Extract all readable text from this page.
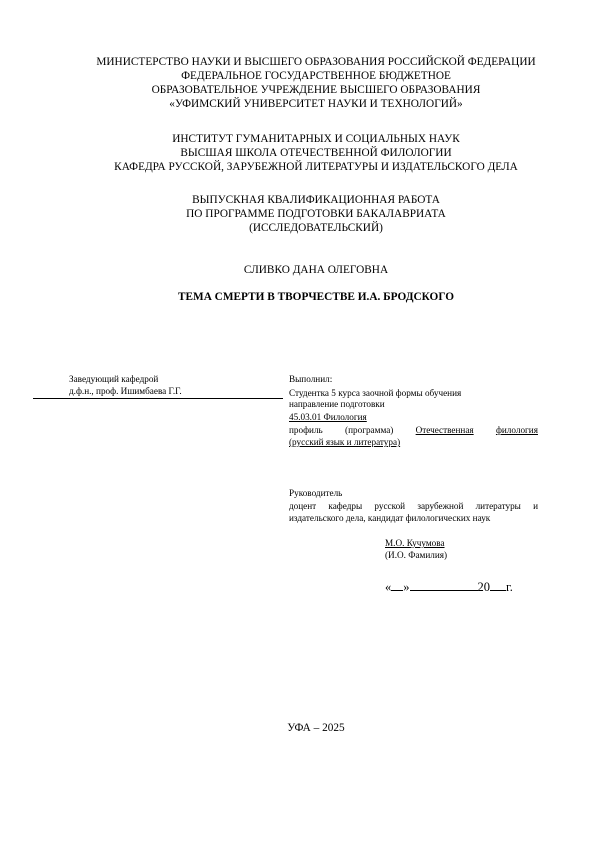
МИНИСТЕРСТВО НАУКИ И ВЫСШЕГО ОБРАЗОВАНИЯ РОССИЙСКОЙ ФЕДЕРАЦИИ
ФЕДЕРАЛЬНОЕ ГОСУДАРСТВЕННОЕ БЮДЖЕТНОЕ
ОБРАЗОВАТЕЛЬНОЕ УЧРЕЖДЕНИЕ ВЫСШЕГО ОБРАЗОВАНИЯ
«УФИМСКИЙ УНИВЕРСИТЕТ НАУКИ И ТЕХНОЛОГИЙ»
ИНСТИТУТ ГУМАНИТАРНЫХ И СОЦИАЛЬНЫХ НАУК
ВЫСШАЯ ШКОЛА ОТЕЧЕСТВЕННОЙ ФИЛОЛОГИИ
КАФЕДРА РУССКОЙ, ЗАРУБЕЖНОЙ ЛИТЕРАТУРЫ И ИЗДАТЕЛЬСКОГО ДЕЛА
ВЫПУСКНАЯ КВАЛИФИКАЦИОННАЯ РАБОТА
ПО ПРОГРАММЕ ПОДГОТОВКИ БАКАЛАВРИАТА
(ИССЛЕДОВАТЕЛЬСКИЙ)
СЛИВКО ДАНА ОЛЕГОВНА
ТЕМА СМЕРТИ В ТВОРЧЕСТВЕ И.А. БРОДСКОГО
Заведующий кафедрой
д.ф.н., проф. Ишимбаева Г.Г.
Выполнил:
Студентка 5 курса заочной формы обучения
направление подготовки
45.03.01 Филология
профиль (программа) Отечественная филология
(русский язык и литература)
Руководитель
доцент кафедры русской зарубежной литературы и
издательского дела, кандидат филологических наук
М.О. Кучумова
(И.О. Фамилия)
« »	20 г.
УФА – 2025
